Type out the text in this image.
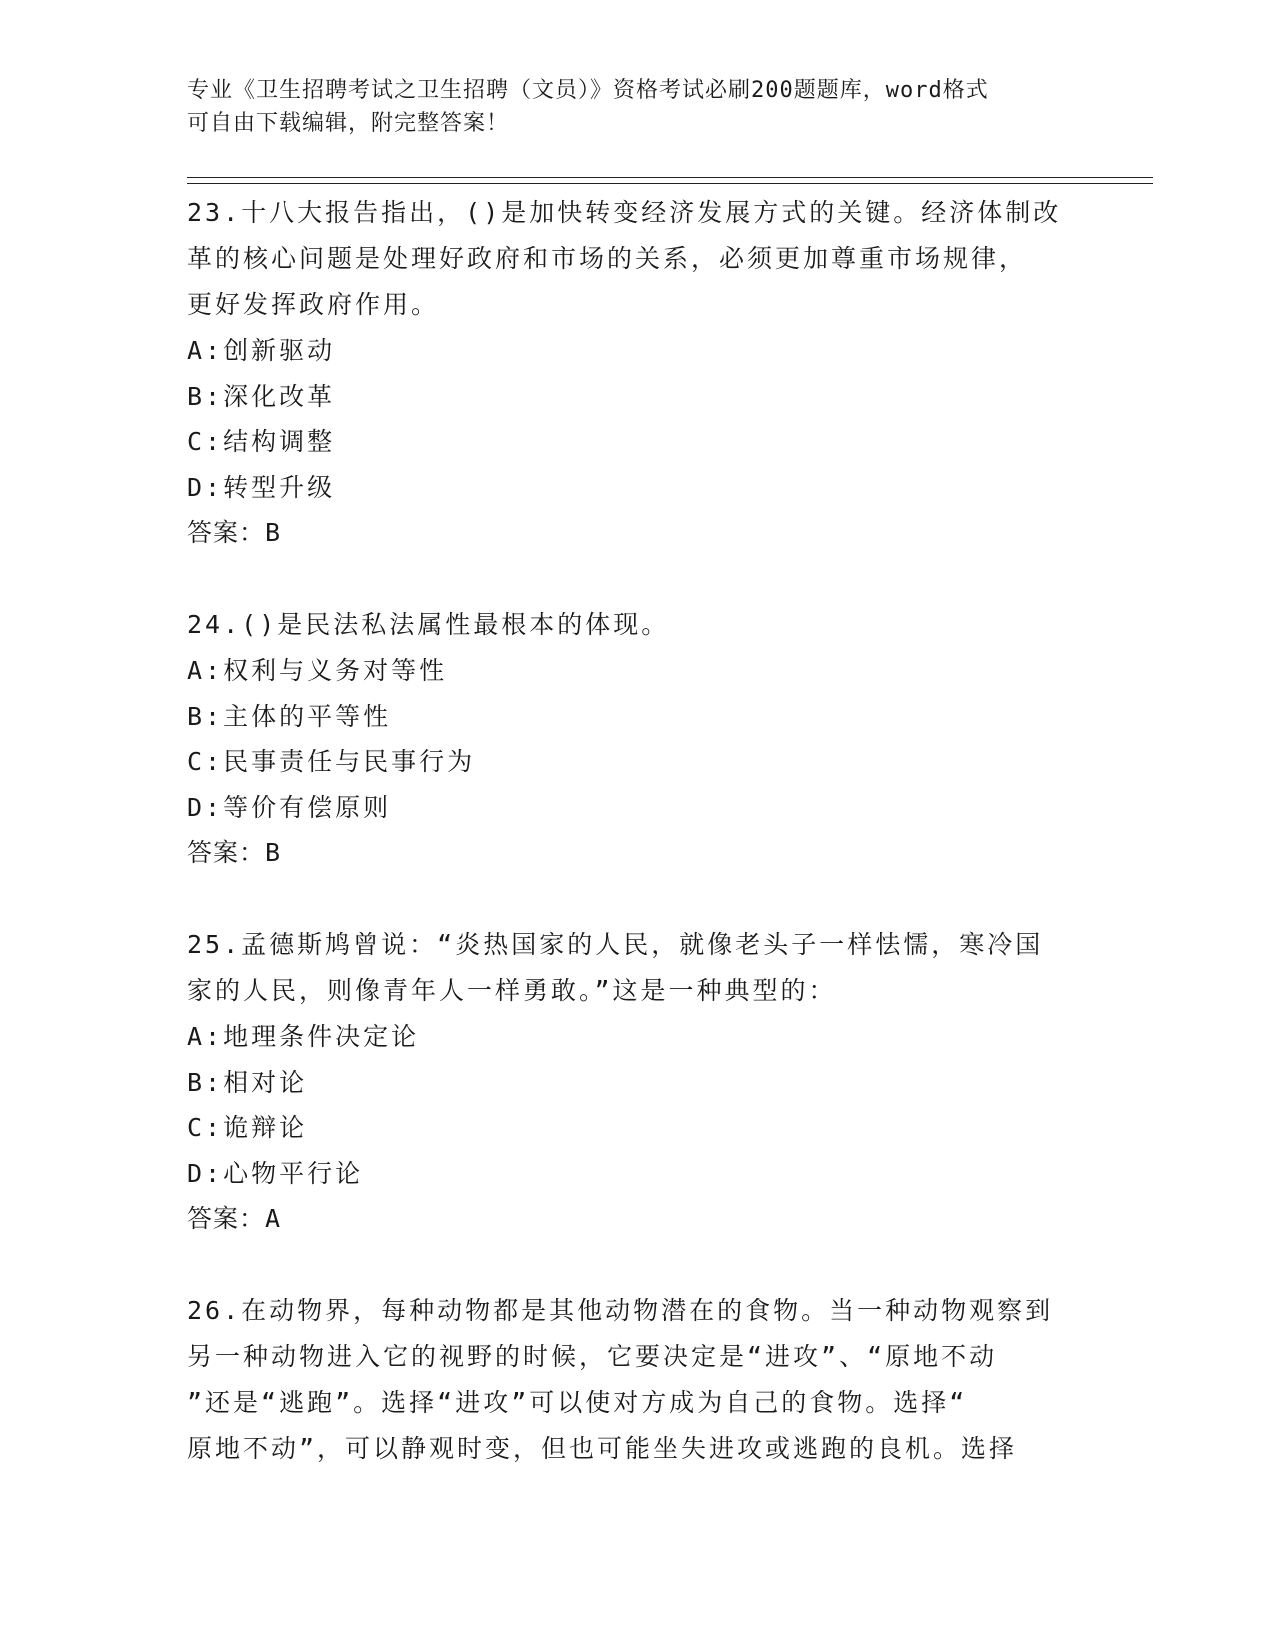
专业《卫生招聘考试之卫生招聘（文员）》资格考试必刷200题题库，word格式
可自由下载编辑，附完整答案！
23.十八大报告指出，()是加快转变经济发展方式的关键。经济体制改
革的核心问题是处理好政府和市场的关系，必须更加尊重市场规律，
更好发挥政府作用。
A:创新驱动
B:深化改革
C:结构调整
D:转型升级
答案：B
24.()是民法私法属性最根本的体现。
A:权利与义务对等性
B:主体的平等性
C:民事责任与民事行为
D:等价有偿原则
答案：B
25.孟德斯鸠曾说：“炎热国家的人民，就像老头子一样怯懦，寒冷国
家的人民，则像青年人一样勇敢。”这是一种典型的：
A:地理条件决定论
B:相对论
C:诡辩论
D:心物平行论
答案：A
26.在动物界，每种动物都是其他动物潜在的食物。当一种动物观察到
另一种动物进入它的视野的时候，它要决定是“进攻”、“原地不动
”还是“逃跑”。选择“进攻”可以使对方成为自己的食物。选择“
原地不动”，可以静观时变，但也可能坐失进攻或逃跑的良机。选择
